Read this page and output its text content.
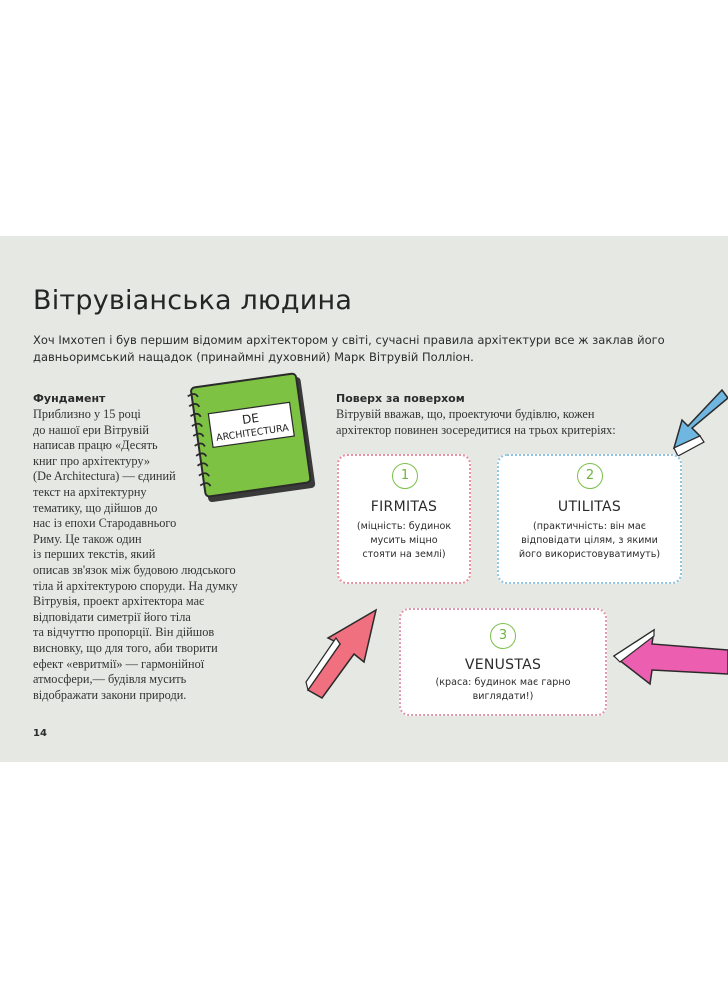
Вітрувіанська людина

Хоч Імхотеп і був першим відомим архітектором у світі, сучасні правила архітектури все ж заклав його давньоримський нащадок (принаймні духовний) Марк Вітрувій Полліон.

Фундамент

Приблизно у 15 році
до нашої ери Вітрувій
написав працю «Десять
книг про архітектуру»
(De Architectura) — єдиний
текст на архітектурну
тематику, що дійшов до
нас із епохи Стародавнього
Риму. Це також один
із перших текстів, який
описав зв'язок між будовою людського
тіла й архітектурою споруди. На думку
Вітрувія, проект архітектора має
відповідати симетрії його тіла
та відчуттю пропорції. Він дійшов
висновку, що для того, аби творити
ефект «евритмії» — гармонійної
атмосфери,— будівля мусить
відображати закони природи.

DE
ARCHITECTURA

Поверх за поверхом

Вітрувій вважав, що, проектуючи будівлю, кожен
архітектор повинен зосередитися на трьох критеріях:

1

FIRMITAS

(міцність: будинок
мусить міцно
стояти на землі)

2

UTILITAS

(практичність: він має
відповідати цілям, з якими
його використовуватимуть)

3

VENUSTAS

(краса: будинок має гарно
виглядати!)

14
